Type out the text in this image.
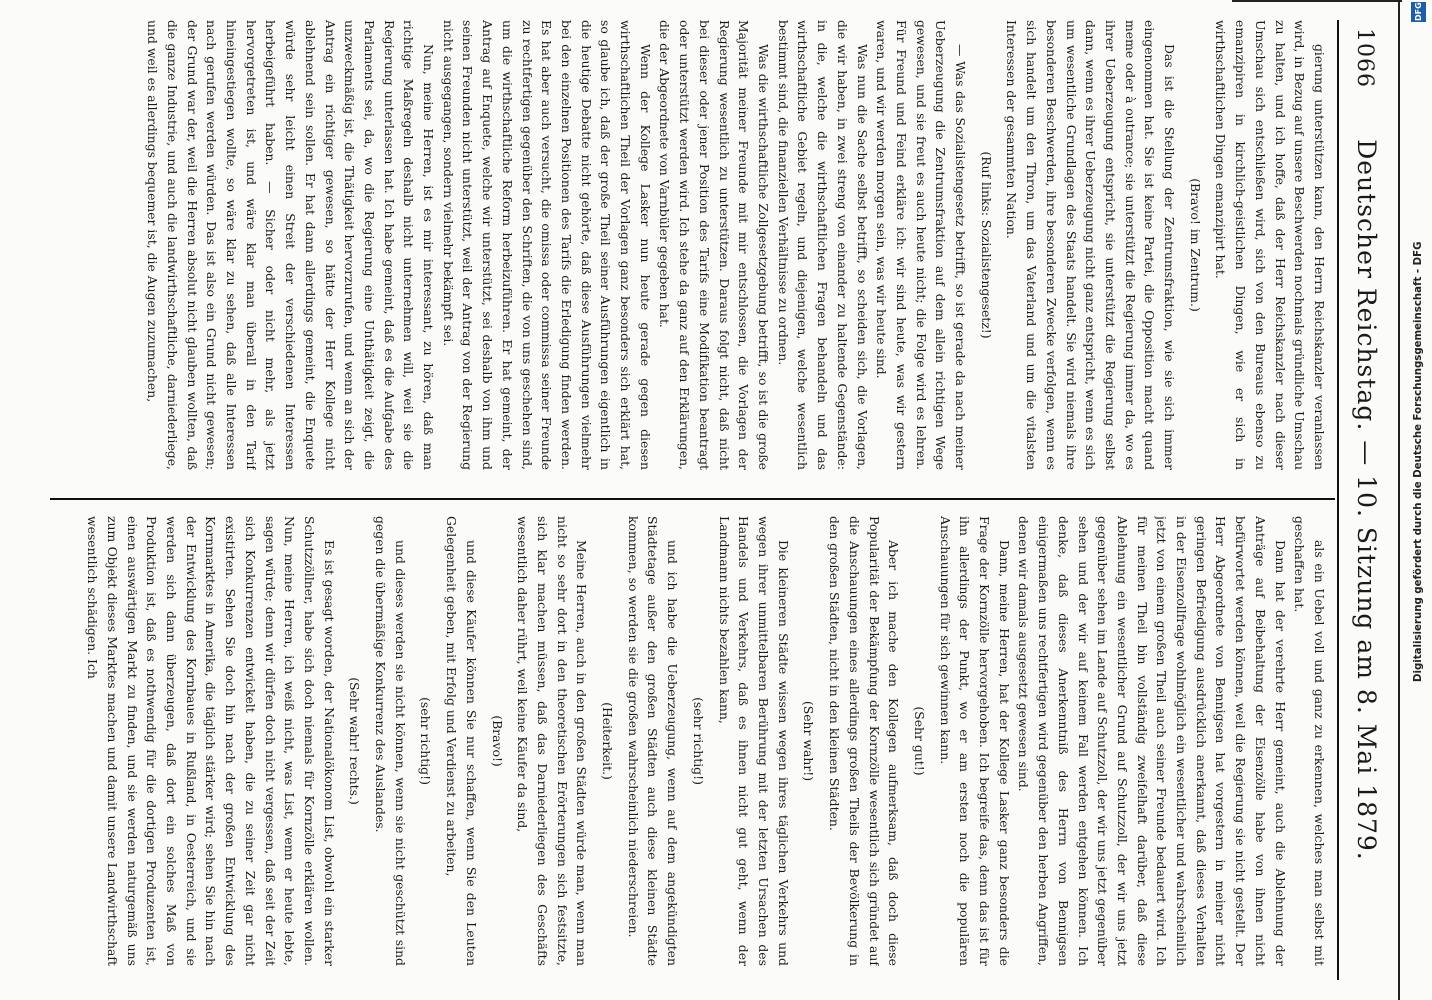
1066
Deutscher Reichstag. — 10. Sitzung am 8. Mai 1879.

gierung unterstützen kann, den Herrn Reichskanzler veranlassen wird, in Bezug auf unsere Beschwerden nochmals gründliche Umschau zu halten, und ich hoffe, daß der Herr Reichskanzler nach dieser Umschau sich entschließen wird, sich von den Bureaus ebenso zu emanzipiren in kirchlich-geistlichen Dingen, wie er sich in wirthschaftlichen Dingen emanzipirt hat.

(Bravo! im Zentrum.)

Das ist die Stellung der Zentrumsfraktion, wie sie sich immer eingenommen hat. Sie ist keine Partei, die Opposition macht quand meme oder à outrance; sie unterstützt die Regierung immer da, wo es ihrer Ueberzeugung entspricht, sie unterstützt die Regierung selbst dann, wenn es ihrer Ueberzeugung nicht ganz entspricht, wenn es sich um wesentliche Grundlagen des Staats handelt. Sie wird niemals ihre besonderen Beschwerden, ihre besonderen Zwecke verfolgen, wenn es sich handelt um den Thron, um das Vaterland und um die vitalsten Interessen der gesammten Nation.

(Ruf links: Sozialistengesetz!)

— Was das Sozialistengesetz betrifft, so ist gerade da nach meiner Ueberzeugung die Zentrumsfraktion auf dem allein richtigen Wege gewesen, und sie freut es auch heute nicht; die Folge wird es lehren. Für Freund und Feind erkläre ich: wir sind heute, was wir gestern waren, und wir werden morgen sein, was wir heute sind.

Was nun die Sache selbst betrifft, so scheiden sich, die Vorlagen, die wir haben, in zwei streng von einander zu haltende Gegenstände: in die, welche die wirthschaftlichen Fragen behandeln und das wirthschaftliche Gebiet regeln, und diejenigen, welche wesentlich bestimmt sind, die finanziellen Verhältnisse zu ordnen.

Was die wirthschaftliche Zollgesetzgebung betrifft, so ist die große Majorität meiner Freunde mit mir entschlossen, die Vorlagen der Regierung wesentlich zu unterstützen. Daraus folgt nicht, daß nicht bei dieser oder jener Position des Tarifs eine Modifikation beantragt oder unterstützt werden wird. Ich stehe da ganz auf den Erklärungen, die der Abgeordnete von Varnbüler gegeben hat.

Wenn der Kollege Lasker nun heute gerade gegen diesen wirthschaftlichen Theil der Vorlagen ganz besonders sich erklärt hat, so glaube ich, daß der große Theil seiner Ausführungen eigentlich in die heutige Debatte nicht gehörte, daß diese Ausführungen vielmehr bei den einzelnen Positionen des Tarifs die Erledigung finden werden. Es hat aber auch versucht, die omissa oder commissa seiner Freunde zu rechtfertigen gegenüber den Schriften, die von uns geschehen sind, um die wirthschaftliche Reform herbeizuführen. Er hat gemeint, der Antrag auf Enquete, welche wir unterstützt, sei deshalb von ihm und seinen Freunden nicht unterstützt, weil der Antrag von der Regierung nicht ausgegangen, sondern vielmehr bekämpft sei.

Nun, meine Herren, ist es mir interessant, zu hören, daß man richtige Maßregeln deshalb nicht unternehmen will, weil sie die Regierung unterlassen hat. Ich habe gemeint, daß es die Aufgabe des Parlaments sei, da, wo die Regierung eine Unthätigkeit zeigt, die unzweckmäßig ist, die Thätigkeit hervorzurufen, und wenn an sich der Antrag ein richtiger gewesen, so hätte der Herr Kollege nicht ablehnend sein sollen. Er hat dann allerdings gemeint, die Enquete würde sehr leicht einen Streit der verschiedenen Interessen herbeigeführt haben. — Sicher oder nicht mehr, als jetzt hervorgetreten ist, und wäre klar man überall in den Tarif hineingestiegen wollte, so wäre klar zu sehen, daß alle Interessen nach gerufen werden würden. Das ist also ein Grund nicht gewesen; der Grund war der, weil die Herren absolut nicht glauben wollten, daß die ganze Industrie, und auch die landwirthschaftliche, darniederliege, und weil es allerdings bequemer ist, die Augen zuzumachen,

als ein Uebel voll und ganz zu erkennen, welches man selbst mit geschaffen hat.

Dann hat der verehrte Herr gemeint, auch die Ablehnung der Anträge auf Beibehaltung der Eisenzölle habe von ihnen nicht befürwortet werden können, weil die Regierung sie nicht gestellt. Der Herr Abgeordnete von Bennigsen hat vorgestern in meiner nicht geringen Befriedigung ausdrücklich anerkannt, daß dieses Verhalten in der Eisenzollfrage wohlmöglich ein wesentlicher und wahrscheinlich jetzt von einem großen Theil auch seiner Freunde bedauert wird. Ich für meinen Theil bin vollständig zweifelhaft darüber, daß diese Ablehnung ein wesentlicher Grund auf Schutzzoll, der wir uns jetzt gegenüber sehen im Lande auf Schutzzoll, der wir uns jetzt gegenüber sehen und der wir auf keinem Fall werden entgehen können. Ich denke, daß dieses Anerkenntniß des Herrn von Bennigsen einigermaßen uns rechtfertigen wird gegenüber den herben Angriffen, denen wir damals ausgesetzt gewesen sind.

Dann, meine Herren, hat der Kollege Lasker ganz besonders die Frage der Kornzölle hervorgehoben. Ich begreife das, denn das ist für ihn allerdings der Punkt, wo er am ersten noch die populären Anschauungen für sich gewinnen kann.

(Sehr gut!)

Aber ich mache den Kollegen aufmerksam, daß doch diese Popularität der Bekämpfung der Kornzölle wesentlich sich gründet auf die Anschauungen eines allerdings großen Theils der Bevölkerung in den großen Städten, nicht in den kleinen Städten.

(Sehr wahr!)

Die kleineren Städte wissen wegen ihres täglichen Verkehrs und wegen ihrer unmittelbaren Berührung mit der letzten Ursachen des Handels und Verkehrs, daß es ihnen nicht gut geht, wenn der Landmann nichts bezahlen kann,

(sehr richtig!)

und ich habe die Ueberzeugung, wenn auf dem angekündigten Städtetage außer den großen Städten auch diese kleinen Städte kommen, so werden sie die großen wahrscheinlich niederschreien.

(Heiterkeit.)

Meine Herren, auch in den großen Städten würde man, wenn man nicht so sehr dort in den theoretischen Erörterungen sich festsitzte, sich klar machen müssen, daß das Darniederliegen des Geschäfts wesentlich daher rührt, weil keine Käufer da sind,

(Bravo!)

und diese Käufer können Sie nur schaffen, wenn Sie den Leuten Gelegenheit geben, mit Erfolg und Verdienst zu arbeiten,

(sehr richtig!)

und dieses werden sie nicht können, wenn sie nicht geschützt sind gegen die übermäßige Konkurrenz des Auslandes.

(Sehr wahr! rechts.)

Es ist gesagt worden, der Nationalökonom List, obwohl ein starker Schutzzöllner, habe sich doch niemals für Kornzölle erklären wollen. Nun, meine Herren, ich weiß nicht, was List, wenn er heute lebte, sagen würde; denn wir dürfen doch nicht vergessen, daß seit der Zeit sich Konkurrenzen entwickelt haben, die zu seiner Zeit gar nicht existirten. Sehen Sie doch hin nach der großen Entwicklung des Kornmarktes in Amerika, die täglich stärker wird; sehen Sie hin nach der Entwicklung des Kornbaues in Rußland, in Oesterreich, und sie werden sich dann überzeugen, daß dort ein solches Maß von Produktion ist, daß es nothwendig für die dortigen Produzenten ist, einen auswärtigen Markt zu finden, und sie werden naturgemäß uns zum Objekt dieses Marktes machen und damit unsere Landwirthschaft wesentlich schädigen. Ich

DFG
Digitalisierung gefördert durch die Deutsche Forschungsgemeinschaft - DFG
